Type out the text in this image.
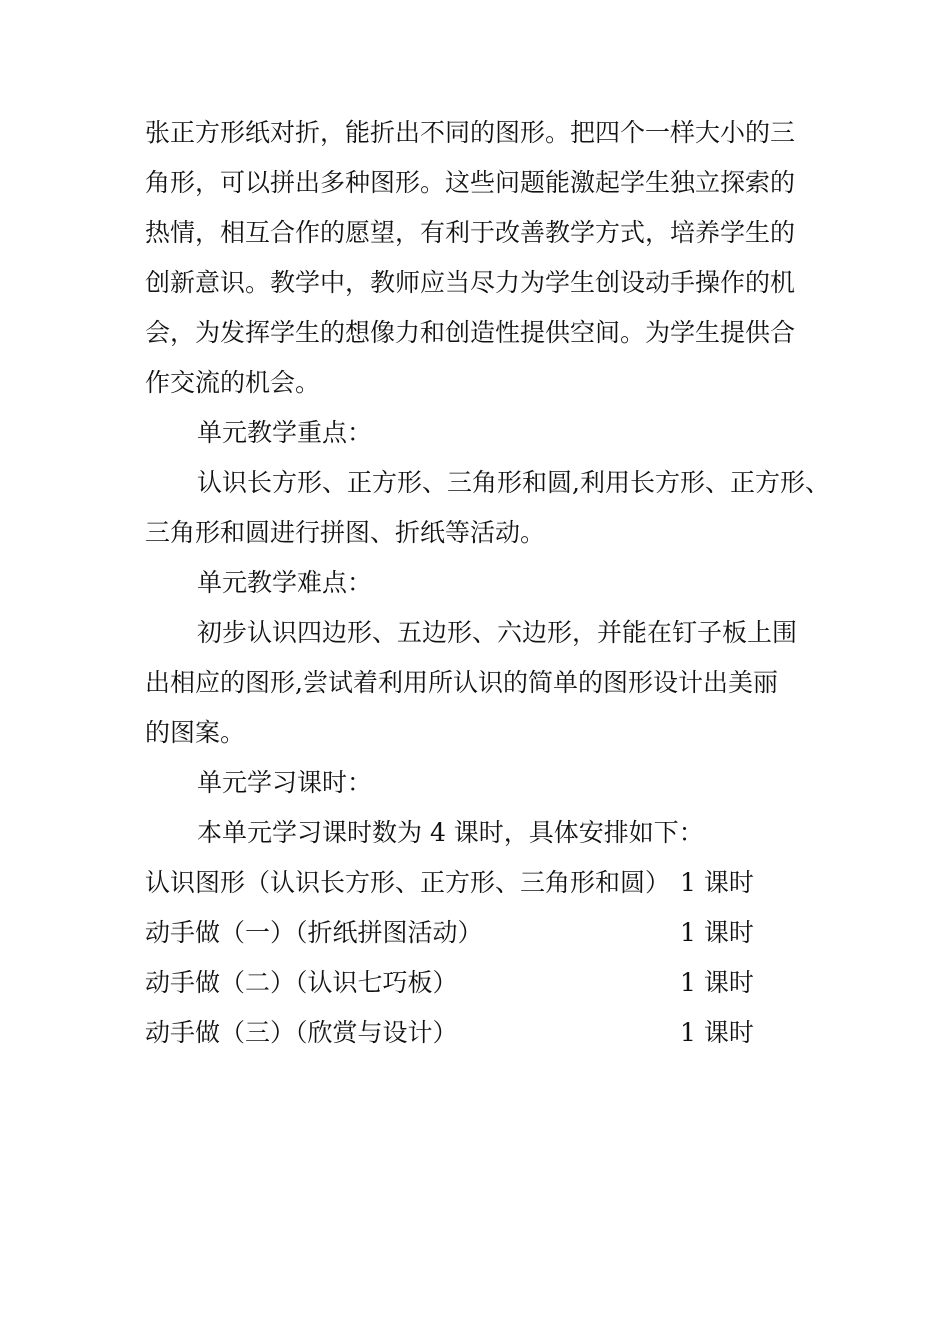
张正方形纸对折，能折出不同的图形。把四个一样大小的三
角形，可以拼出多种图形。这些问题能激起学生独立探索的
热情，相互合作的愿望，有利于改善教学方式，培养学生的
创新意识。教学中，教师应当尽力为学生创设动手操作的机
会，为发挥学生的想像力和创造性提供空间。为学生提供合
作交流的机会。
单元教学重点：
认识长方形、正方形、三角形和圆,利用长方形、正方形、
三角形和圆进行拼图、折纸等活动。
单元教学难点：
初步认识四边形、五边形、六边形，并能在钉子板上围
出相应的图形,尝试着利用所认识的简单的图形设计出美丽
的图案。
单元学习课时：
本单元学习课时数为 4 课时，具体安排如下：
认识图形（认识长方形、正方形、三角形和圆） 1 课时
动手做（一）（折纸拼图活动）	1 课时
动手做（二）（认识七巧板）	1 课时
动手做（三）（欣赏与设计）	1 课时
